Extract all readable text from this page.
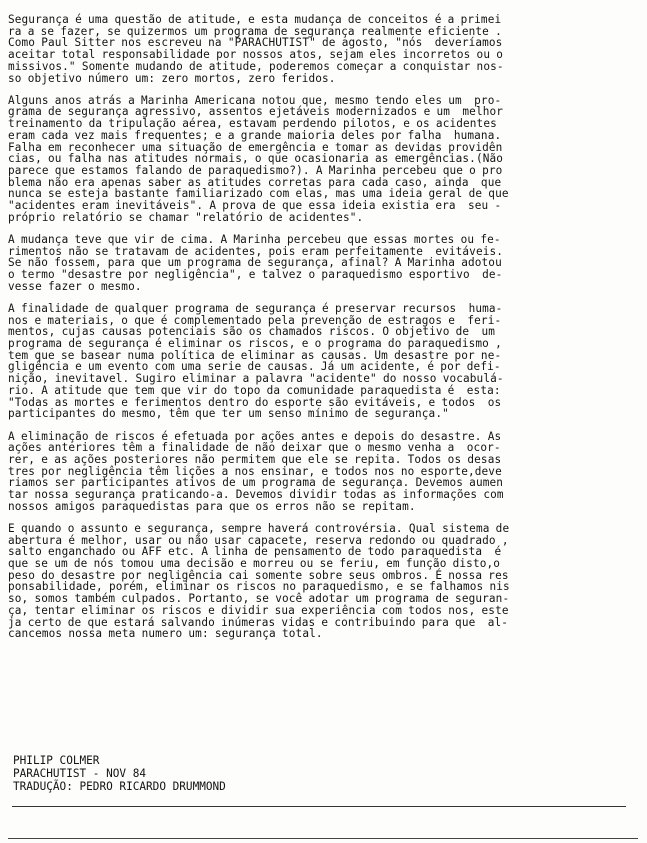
Segurança é uma questão de atitude, e esta mudança de conceitos é a primei
ra a se fazer, se quizermos um programa de segurança realmente eficiente .
Como Paul Sitter nos escreveu na "PARACHUTIST" de agosto, "nós  deveríamos
aceitar total responsabilidade por nossos atos, sejam eles incorretos ou o
missivos." Somente mudando de atitude, poderemos começar a conquistar nos-
so objetivo número um: zero mortos, zero feridos.
Alguns anos atrás a Marinha Americana notou que, mesmo tendo eles um  pro-
grama de segurança agressivo, assentos ejetáveis modernizados e um  melhor
treinamento da tripulação aérea, estavam perdendo pilotos, e os acidentes
eram cada vez mais frequentes; e a grande maioria deles por falha  humana.
Falha em reconhecer uma situação de emergência e tomar as devidas providên
cias, ou falha nas atitudes normais, o que ocasionaria as emergências.(Não
parece que estamos falando de paraquedismo?). A Marinha percebeu que o pro
blema não era apenas saber as atitudes corretas para cada caso, ainda  que
nunca se esteja bastante familiarizado com elas, mas uma ideia geral de que
"acidentes eram inevitáveis". A prova de que essa ideia existia era  seu -
próprio relatório se chamar "relatório de acidentes".
A mudança teve que vir de cima. A Marinha percebeu que essas mortes ou fe-
rimentos não se tratavam de acidentes, pois eram perfeitamente  evitáveis.
Se não fossem, para que um programa de segurança, afinal? A Marinha adotou
o termo "desastre por negligência", e talvez o paraquedismo esportivo  de-
vesse fazer o mesmo.
A finalidade de qualquer programa de segurança é preservar recursos  huma-
nos e materiais, o que é complementado pela prevenção de estragos e  feri-
mentos, cujas causas potenciais são os chamados riscos. O objetivo de  um
programa de segurança é eliminar os riscos, e o programa do paraquedismo ,
tem que se basear numa política de eliminar as causas. Um desastre por ne-
gligência e um evento com uma serie de causas. Já um acidente, é por defi-
nição, inevitavel. Sugiro eliminar a palavra "acidente" do nosso vocabulá-
rio. A atitude que tem que vir do topo da comunidade paraquedista é  esta:
"Todas as mortes e ferimentos dentro do esporte são evitáveis, e todos  os
participantes do mesmo, têm que ter um senso mínimo de segurança."
A eliminação de riscos é efetuada por ações antes e depois do desastre. As
ações anteriores têm a finalidade de não deixar que o mesmo venha a  ocor-
rer, e as ações posteriores não permitem que ele se repita. Todos os desas
tres por negligência têm lições a nos ensinar, e todos nos no esporte,deve
riamos ser participantes ativos de um programa de segurança. Devemos aumen
tar nossa segurança praticando-a. Devemos dividir todas as informações com
nossos amigos paraquedistas para que os erros não se repitam.
E quando o assunto e segurança, sempre haverá controvérsia. Qual sistema de
abertura é melhor, usar ou não usar capacete, reserva redondo ou quadrado ,
salto enganchado ou AFF etc. A linha de pensamento de todo paraquedista  é
que se um de nós tomou uma decisão e morreu ou se feriu, em função disto,o
peso do desastre por negligência cai somente sobre seus ombros. É nossa res
ponsabilidade, porém, eliminar os riscos no paraquedismo, e se falhamos nis
so, somos também culpados. Portanto, se você adotar um programa de seguran-
ça, tentar eliminar os riscos e dividir sua experiência com todos nos, este
ja certo de que estará salvando inúmeras vidas e contribuindo para que  al-
cancemos nossa meta numero um: segurança total.
PHILIP COLMER
PARACHUTIST - NOV 84
TRADUÇÃO: PEDRO RICARDO DRUMMOND
